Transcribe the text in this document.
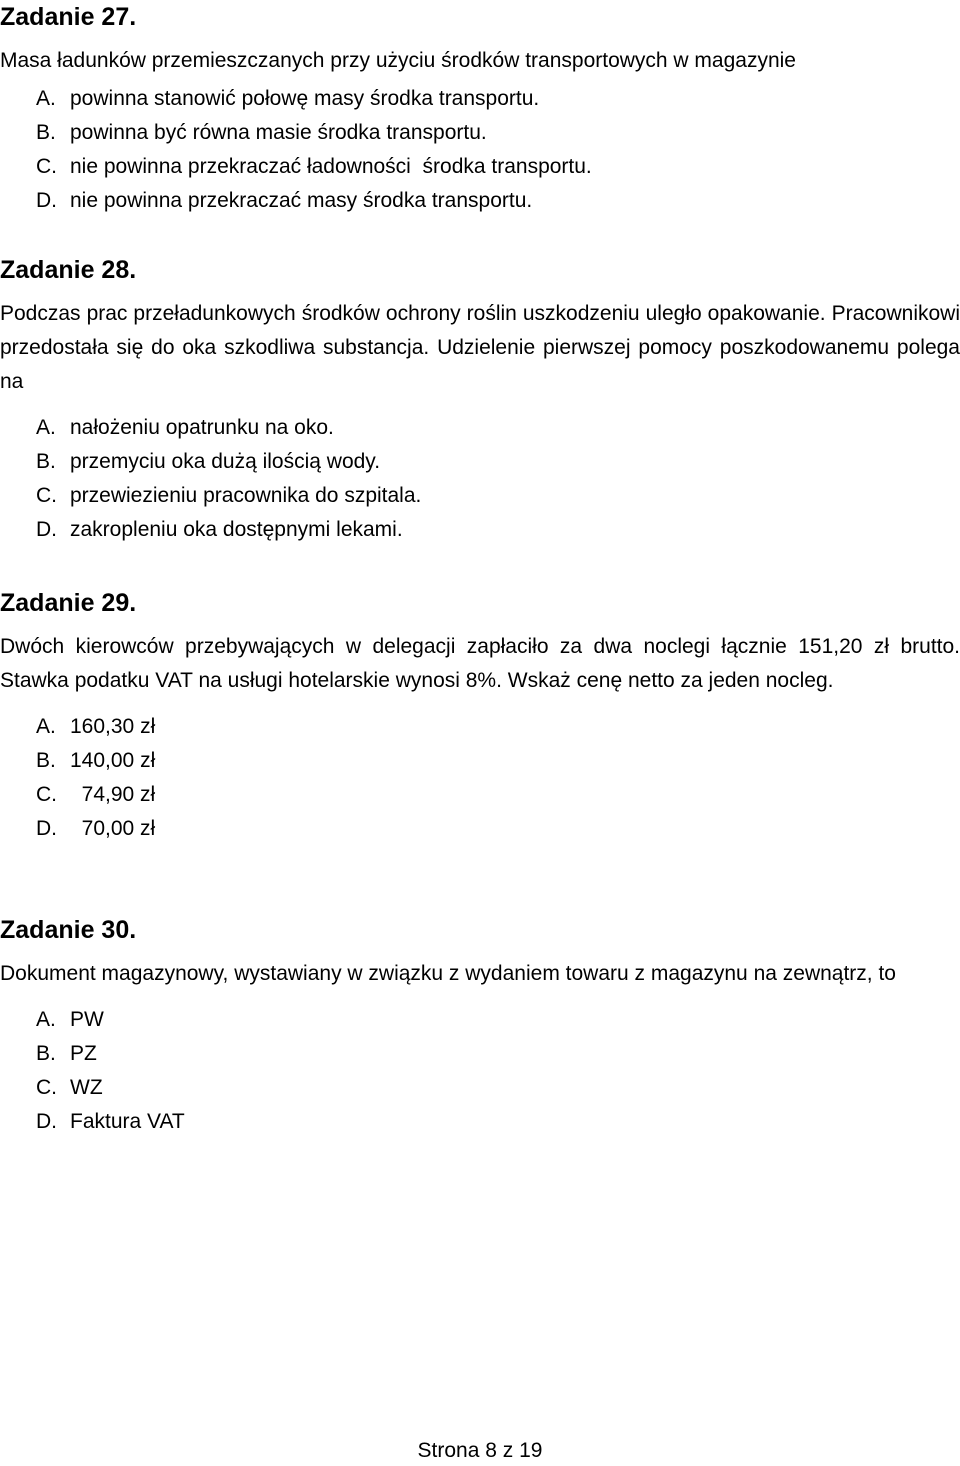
Zadanie 27.
Masa ładunków przemieszczanych przy użyciu środków transportowych w magazynie
A. powinna stanowić połowę masy środka transportu.
B. powinna być równa masie środka transportu.
C. nie powinna przekraczać ładowności  środka transportu.
D. nie powinna przekraczać masy środka transportu.
Zadanie 28.
Podczas prac przeładunkowych środków ochrony roślin uszkodzeniu uległo opakowanie. Pracownikowi przedostała się do oka szkodliwa substancja. Udzielenie pierwszej pomocy poszkodowanemu polega na
A. nałożeniu opatrunku na oko.
B. przemyciu oka dużą ilością wody.
C. przewiezieniu pracownika do szpitala.
D. zakropleniu oka dostępnymi lekami.
Zadanie 29.
Dwóch kierowców przebywających w delegacji zapłaciło za dwa noclegi łącznie 151,20 zł brutto. Stawka podatku VAT na usługi hotelarskie wynosi 8%. Wskaż cenę netto za jeden nocleg.
A. 160,30 zł
B. 140,00 zł
C.  74,90 zł
D.  70,00 zł
Zadanie 30.
Dokument magazynowy, wystawiany w związku z wydaniem towaru z magazynu na zewnątrz, to
A. PW
B. PZ
C. WZ
D. Faktura VAT
Strona 8 z 19
